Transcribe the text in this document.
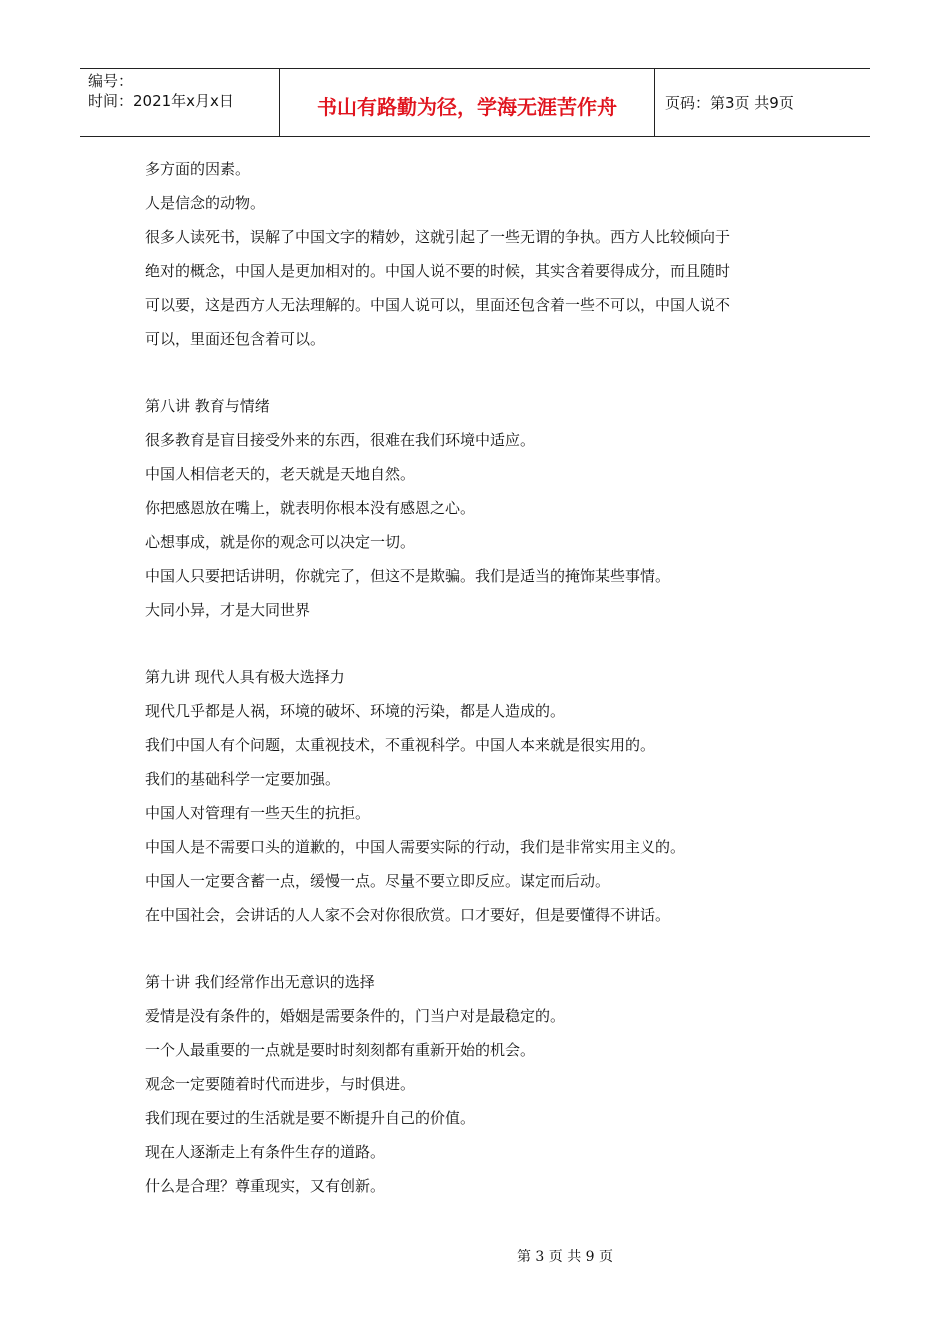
编号：
时间：2021年x月x日	书山有路勤为径，学海无涯苦作舟	页码：第3页 共9页
多方面的因素。
人是信念的动物。
很多人读死书，误解了中国文字的精妙，这就引起了一些无谓的争执。西方人比较倾向于
绝对的概念，中国人是更加相对的。中国人说不要的时候，其实含着要得成分，而且随时
可以要，这是西方人无法理解的。中国人说可以，里面还包含着一些不可以，中国人说不
可以，里面还包含着可以。
第八讲 教育与情绪
很多教育是盲目接受外来的东西，很难在我们环境中适应。
中国人相信老天的，老天就是天地自然。
你把感恩放在嘴上，就表明你根本没有感恩之心。
心想事成，就是你的观念可以决定一切。
中国人只要把话讲明，你就完了，但这不是欺骗。我们是适当的掩饰某些事情。
大同小异，才是大同世界
第九讲 现代人具有极大选择力
现代几乎都是人祸，环境的破坏、环境的污染，都是人造成的。
我们中国人有个问题，太重视技术，不重视科学。中国人本来就是很实用的。
我们的基础科学一定要加强。
中国人对管理有一些天生的抗拒。
中国人是不需要口头的道歉的，中国人需要实际的行动，我们是非常实用主义的。
中国人一定要含蓄一点，缓慢一点。尽量不要立即反应。谋定而后动。
在中国社会，会讲话的人人家不会对你很欣赏。口才要好，但是要懂得不讲话。
第十讲 我们经常作出无意识的选择
爱情是没有条件的，婚姻是需要条件的，门当户对是最稳定的。
一个人最重要的一点就是要时时刻刻都有重新开始的机会。
观念一定要随着时代而进步，与时俱进。
我们现在要过的生活就是要不断提升自己的价值。
现在人逐渐走上有条件生存的道路。
什么是合理？尊重现实，又有创新。
第 3 页 共 9 页
